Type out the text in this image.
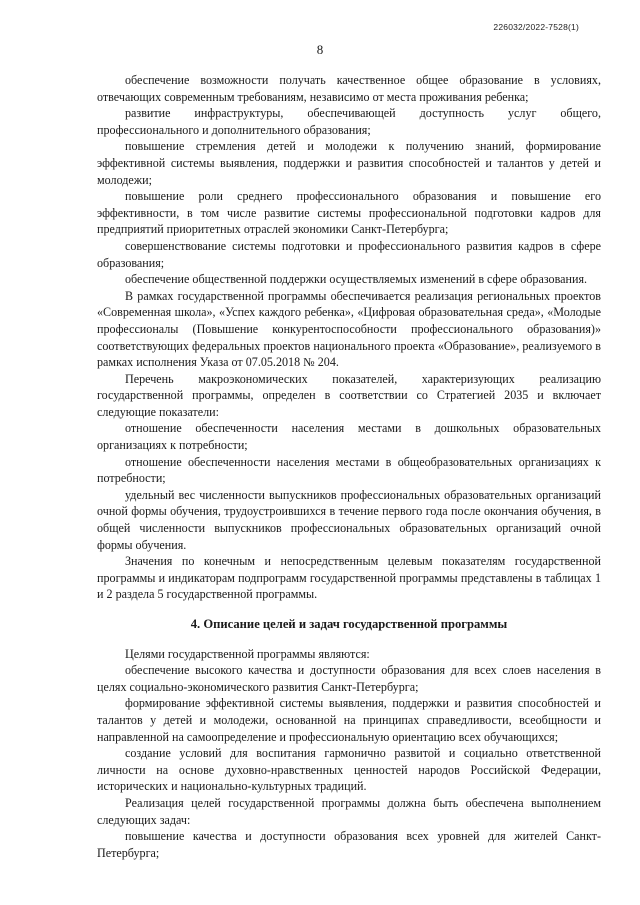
226032/2022-7528(1)
8

обеспечение возможности получать качественное общее образование в условиях, отвечающих современным требованиям, независимо от места проживания ребенка;

развитие инфраструктуры, обеспечивающей доступность услуг общего, профессионального и дополнительного образования;

повышение стремления детей и молодежи к получению знаний, формирование эффективной системы выявления, поддержки и развития способностей и талантов у детей и молодежи;

повышение роли среднего профессионального образования и повышение его эффективности, в том числе развитие системы профессиональной подготовки кадров для предприятий приоритетных отраслей экономики Санкт-Петербурга;

совершенствование системы подготовки и профессионального развития кадров в сфере образования;

обеспечение общественной поддержки осуществляемых изменений в сфере образования.

В рамках государственной программы обеспечивается реализация региональных проектов «Современная школа», «Успех каждого ребенка», «Цифровая образовательная среда», «Молодые профессионалы (Повышение конкурентоспособности профессионального образования)» соответствующих федеральных проектов национального проекта «Образование», реализуемого в рамках исполнения Указа от 07.05.2018 № 204.

Перечень макроэкономических показателей, характеризующих реализацию государственной программы, определен в соответствии со Стратегией 2035 и включает следующие показатели:

отношение обеспеченности населения местами в дошкольных образовательных организациях к потребности;

отношение обеспеченности населения местами в общеобразовательных организациях к потребности;

удельный вес численности выпускников профессиональных образовательных организаций очной формы обучения, трудоустроившихся в течение первого года после окончания обучения, в общей численности выпускников профессиональных образовательных организаций очной формы обучения.

Значения по конечным и непосредственным целевым показателям государственной программы и индикаторам подпрограмм государственной программы представлены в таблицах 1 и 2 раздела 5 государственной программы.

4. Описание целей и задач государственной программы

Целями государственной программы являются:

обеспечение высокого качества и доступности образования для всех слоев населения в целях социально-экономического развития Санкт-Петербурга;

формирование эффективной системы выявления, поддержки и развития способностей и талантов у детей и молодежи, основанной на принципах справедливости, всеобщности и направленной на самоопределение и профессиональную ориентацию всех обучающихся;

создание условий для воспитания гармонично развитой и социально ответственной личности на основе духовно-нравственных ценностей народов Российской Федерации, исторических и национально-культурных традиций.

Реализация целей государственной программы должна быть обеспечена выполнением следующих задач:

повышение качества и доступности образования всех уровней для жителей Санкт-Петербурга;
